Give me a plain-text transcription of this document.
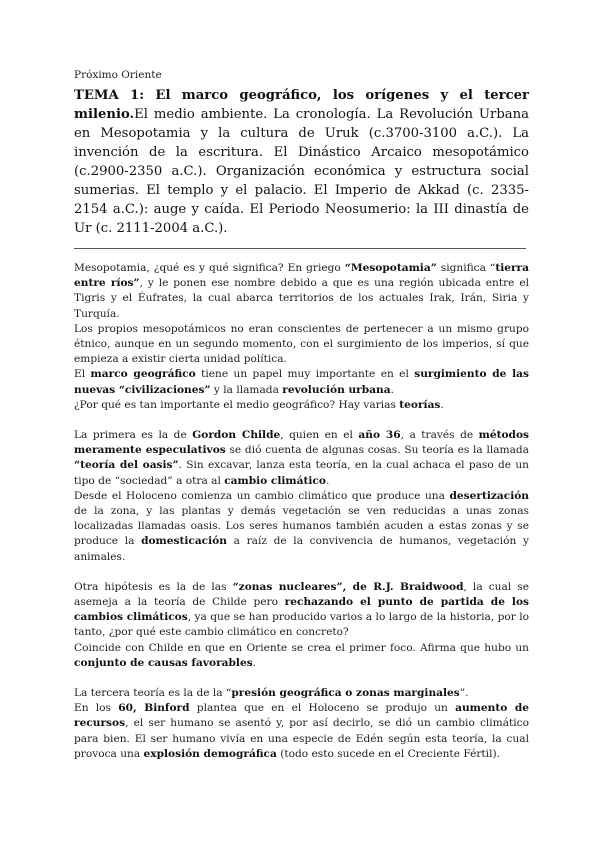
Próximo Oriente

TEMA 1: El marco geográfico, los orígenes y el tercer milenio.El medio ambiente. La cronología. La Revolución Urbana en Mesopotamia y la cultura de Uruk (c.3700-3100 a.C.). La invención de la escritura. El Dinástico Arcaico mesopotámico (c.2900-2350 a.C.). Organización económica y estructura social sumerias. El templo y el palacio. El Imperio de Akkad (c. 2335-2154 a.C.): auge y caída. El Periodo Neosumerio: la III dinastía de Ur (c. 2111-2004 a.C.).

Mesopotamia, ¿qué es y qué significa? En griego “Mesopotamia” significa “tierra entre ríos”, y le ponen ese nombre debido a que es una región ubicada entre el Tigris y el Éufrates, la cual abarca territorios de los actuales Irak, Irán, Siria y Turquía.

Los propios mesopotámicos no eran conscientes de pertenecer a un mismo grupo étnico, aunque en un segundo momento, con el surgimiento de los imperios, sí que empieza a existir cierta unidad política.

El marco geográfico tiene un papel muy importante en el surgimiento de las nuevas “civilizaciones” y la llamada revolución urbana.

¿Por qué es tan importante el medio geográfico? Hay varias teorías.

La primera es la de Gordon Childe, quien en el año 36, a través de métodos meramente especulativos se dió cuenta de algunas cosas. Su teoría es la llamada “teoría del oasis”. Sin excavar, lanza esta teoría, en la cual achaca el paso de un tipo de “sociedad” a otra al cambio climático.

Desde el Holoceno comienza un cambio climático que produce una desertización de la zona, y las plantas y demás vegetación se ven reducidas a unas zonas localizadas llamadas oasis. Los seres humanos también acuden a estas zonas y se produce la domesticación a raíz de la convivencia de humanos, vegetación y animales.

Otra hipótesis es la de las “zonas nucleares”, de R.J. Braidwood, la cual se asemeja a la teoría de Childe pero rechazando el punto de partida de los cambios climáticos, ya que se han producido varios a lo largo de la historia, por lo tanto, ¿por qué este cambio climático en concreto?

Coincide con Childe en que en Oriente se crea el primer foco. Afirma que hubo un conjunto de causas favorables.

La tercera teoría es la de la “presión geográfica o zonas marginales”.

En los 60, Binford plantea que en el Holoceno se produjo un aumento de recursos, el ser humano se asentó y, por así decirlo, se dió un cambio climático para bien. El ser humano vivía en una especie de Edén según esta teoría, la cual provoca una explosión demográfica (todo esto sucede en el Creciente Fértil).
